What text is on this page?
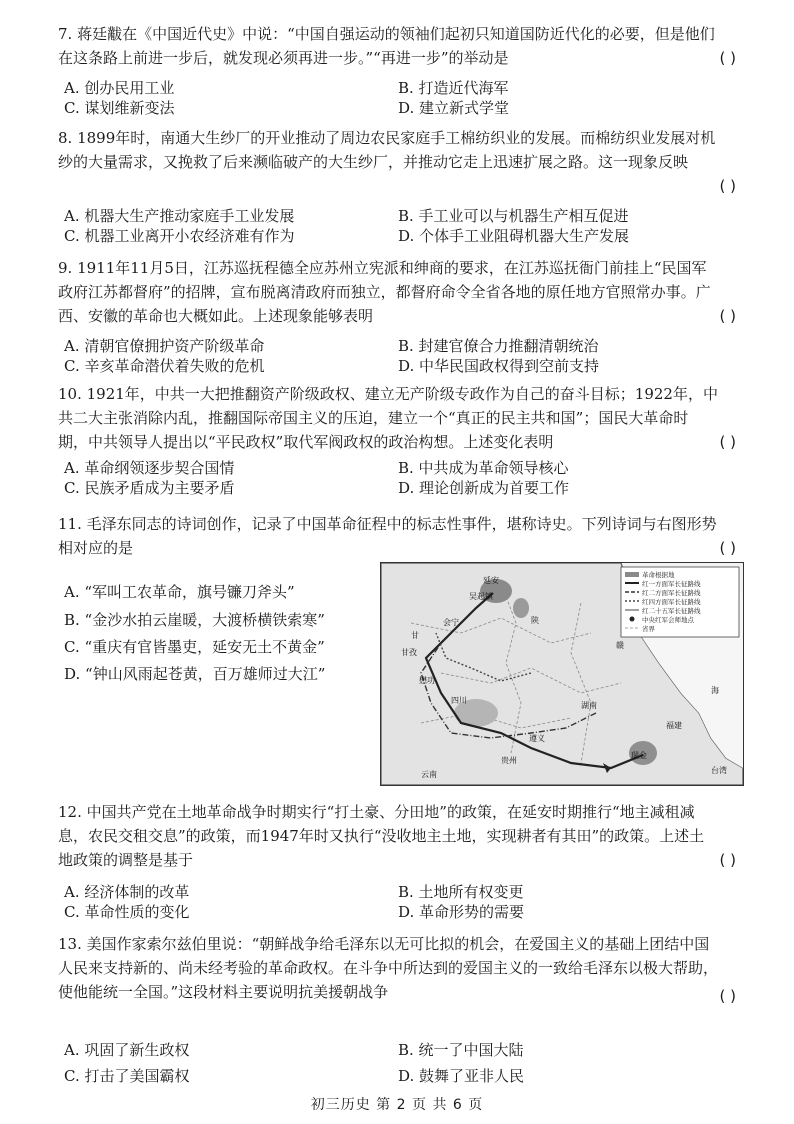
7. 蒋廷黻在《中国近代史》中说：“中国自强运动的领袖们起初只知道国防近代化的必要，但是他们在这条路上前进一步后，就发现必须再进一步。”“再进一步”的举动是	( )
A. 创办民用工业	B. 打造近代海军
C. 谋划维新变法	D. 建立新式学堂
8. 1899年时，南通大生纱厂的开业推动了周边农民家庭手工棉纺织业的发展。而棉纺织业发展对机纱的大量需求，又挽救了后来濒临破产的大生纱厂，并推动它走上迅速扩展之路。这一现象反映
( )
A. 机器大生产推动家庭手工业发展	B. 手工业可以与机器生产相互促进
C. 机器工业离开小农经济难有作为	D. 个体手工业阻碍机器大生产发展
9. 1911年11月5日，江苏巡抚程德全应苏州立宪派和绅商的要求，在江苏巡抚衙门前挂上“民国军政府江苏都督府”的招牌，宣布脱离清政府而独立，都督府命令全省各地的原任地方官照常办事。广西、安徽的革命也大概如此。上述现象能够表明	( )
A. 清朝官僚拥护资产阶级革命	B. 封建官僚合力推翻清朝统治
C. 辛亥革命潜伏着失败的危机	D. 中华民国政权得到空前支持
10. 1921年，中共一大把推翻资产阶级政权、建立无产阶级专政作为自己的奋斗目标；1922年，中共二大主张消除内乱，推翻国际帝国主义的压迫，建立一个“真正的民主共和国”；国民大革命时期，中共领导人提出以“平民政权”取代军阀政权的政治构想。上述变化表明	( )
A. 革命纲领逐步契合国情	B. 中共成为革命领导核心
C. 民族矛盾成为主要矛盾	D. 理论创新成为首要工作
11. 毛泽东同志的诗词创作，记录了中国革命征程中的标志性事件，堪称诗史。下列诗词与右图形势相对应的是	( )
A. “军叫工农革命，旗号镰刀斧头”
B. “金沙水拍云崖暖，大渡桥横铁索寒”
C. “重庆有官皆墨吏，延安无土不黄金”
D. “钟山风雨起苍黄，百万雄师过大江”
革命根据地
红一方面军长征路线
红二方面军长征路线
红四方面军长征路线
红二十五军长征路线
中央红军会师地点
省界
延安
吴起镇
甘孜
会宁
懋功
遵义
瑞金
陕
甘
四川
贵州
福建
湖南
台湾
海
云南
赣
12. 中国共产党在土地革命战争时期实行“打土豪、分田地”的政策，在延安时期推行“地主减租减息，农民交租交息”的政策，而1947年时又执行“没收地主土地，实现耕者有其田”的政策。上述土地政策的调整是基于	( )
A. 经济体制的改革	B. 土地所有权变更
C. 革命性质的变化	D. 革命形势的需要
13. 美国作家索尔兹伯里说：“朝鲜战争给毛泽东以无可比拟的机会，在爱国主义的基础上团结中国人民来支持新的、尚未经考验的革命政权。在斗争中所达到的爱国主义的一致给毛泽东以极大帮助，使他能统一全国。”这段材料主要说明抗美援朝战争	( )
A. 巩固了新生政权	B. 统一了中国大陆
C. 打击了美国霸权	D. 鼓舞了亚非人民
初三历史 第 2 页 共 6 页
